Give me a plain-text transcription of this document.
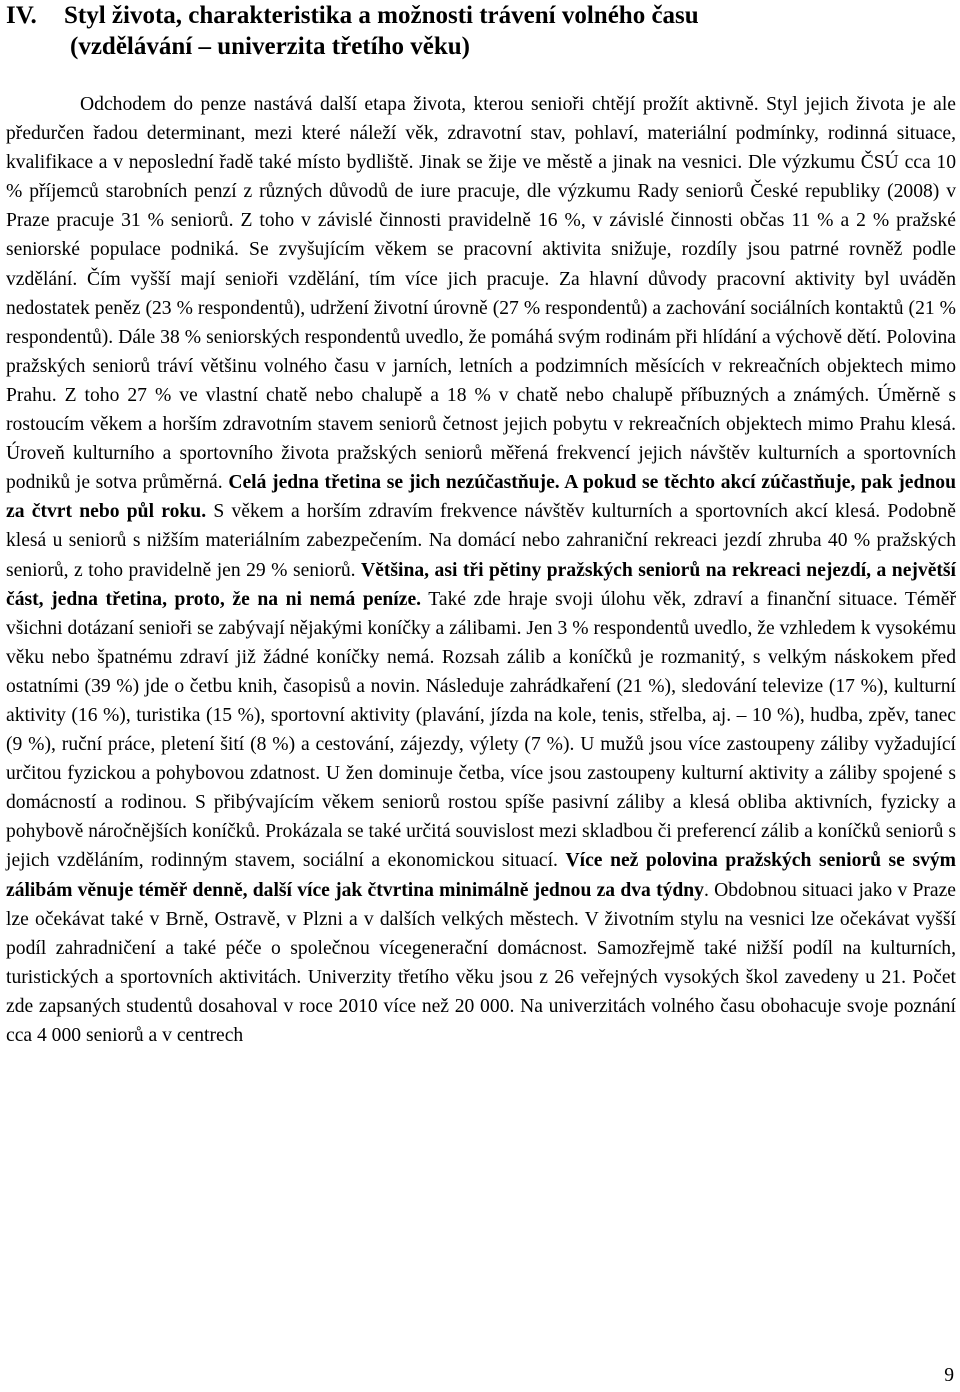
IV. Styl života, charakteristika a možnosti trávení volného času
(vzdělávání – univerzita třetího věku)

Odchodem do penze nastává další etapa života, kterou senioři chtějí prožít aktivně. Styl jejich života je ale předurčen řadou determinant, mezi které náleží věk, zdravotní stav, pohlaví, materiální podmínky, rodinná situace, kvalifikace a v neposlední řadě také místo bydliště. Jinak se žije ve městě a jinak na vesnici. Dle výzkumu ČSÚ cca 10 % příjemců starobních penzí z různých důvodů de iure pracuje, dle výzkumu Rady seniorů České republiky (2008) v Praze pracuje 31 % seniorů. Z toho v závislé činnosti pravidelně 16 %, v závislé činnosti občas 11 % a 2 % pražské seniorské populace podniká. Se zvyšujícím věkem se pracovní aktivita snižuje, rozdíly jsou patrné rovněž podle vzdělání. Čím vyšší mají senioři vzdělání, tím více jich pracuje. Za hlavní důvody pracovní aktivity byl uváděn nedostatek peněz (23 % respondentů), udržení životní úrovně (27 % respondentů) a zachování sociálních kontaktů (21 % respondentů). Dále 38 % seniorských respondentů uvedlo, že pomáhá svým rodinám při hlídání a výchově dětí. Polovina pražských seniorů tráví většinu volného času v jarních, letních a podzimních měsících v rekreačních objektech mimo Prahu. Z toho 27 % ve vlastní chatě nebo chalupě a 18 % v chatě nebo chalupě příbuzných a známých. Úměrně s rostoucím věkem a horším zdravotním stavem seniorů četnost jejich pobytu v rekreačních objektech mimo Prahu klesá. Úroveň kulturního a sportovního života pražských seniorů měřená frekvencí jejich návštěv kulturních a sportovních podniků je sotva průměrná. Celá jedna třetina se jich nezúčastňuje. A pokud se těchto akcí zúčastňuje, pak jednou za čtvrt nebo půl roku. S věkem a horším zdravím frekvence návštěv kulturních a sportovních akcí klesá. Podobně klesá u seniorů s nižším materiálním zabezpečením. Na domácí nebo zahraniční rekreaci jezdí zhruba 40 % pražských seniorů, z toho pravidelně jen 29 % seniorů. Většina, asi tři pětiny pražských seniorů na rekreaci nejezdí, a největší část, jedna třetina, proto, že na ni nemá peníze. Také zde hraje svoji úlohu věk, zdraví a finanční situace. Téměř všichni dotázaní senioři se zabývají nějakými koníčky a zálibami. Jen 3 % respondentů uvedlo, že vzhledem k vysokému věku nebo špatnému zdraví již žádné koníčky nemá. Rozsah zálib a koníčků je rozmanitý, s velkým náskokem před ostatními (39 %) jde o četbu knih, časopisů a novin. Následuje zahrádkaření (21 %), sledování televize (17 %), kulturní aktivity (16 %), turistika (15 %), sportovní aktivity (plavání, jízda na kole, tenis, střelba, aj. – 10 %), hudba, zpěv, tanec (9 %), ruční práce, pletení šití (8 %) a cestování, zájezdy, výlety (7 %). U mužů jsou více zastoupeny záliby vyžadující určitou fyzickou a pohybovou zdatnost. U žen dominuje četba, více jsou zastoupeny kulturní aktivity a záliby spojené s domácností a rodinou. S přibývajícím věkem seniorů rostou spíše pasivní záliby a klesá obliba aktivních, fyzicky a pohybově náročnějších koníčků. Prokázala se také určitá souvislost mezi skladbou či preferencí zálib a koníčků seniorů s jejich vzděláním, rodinným stavem, sociální a ekonomickou situací. Více než polovina pražských seniorů se svým zálibám věnuje téměř denně, další více jak čtvrtina minimálně jednou za dva týdny. Obdobnou situaci jako v Praze lze očekávat také v Brně, Ostravě, v Plzni a v dalších velkých městech. V životním stylu na vesnici lze očekávat vyšší podíl zahradničení a také péče o společnou vícegenerační domácnost. Samozřejmě také nižší podíl na kulturních, turistických a sportovních aktivitách. Univerzity třetího věku jsou z 26 veřejných vysokých škol zavedeny u 21. Počet zde zapsaných studentů dosahoval v roce 2010 více než 20 000. Na univerzitách volného času obohacuje svoje poznání cca 4 000 seniorů a v centrech

9
